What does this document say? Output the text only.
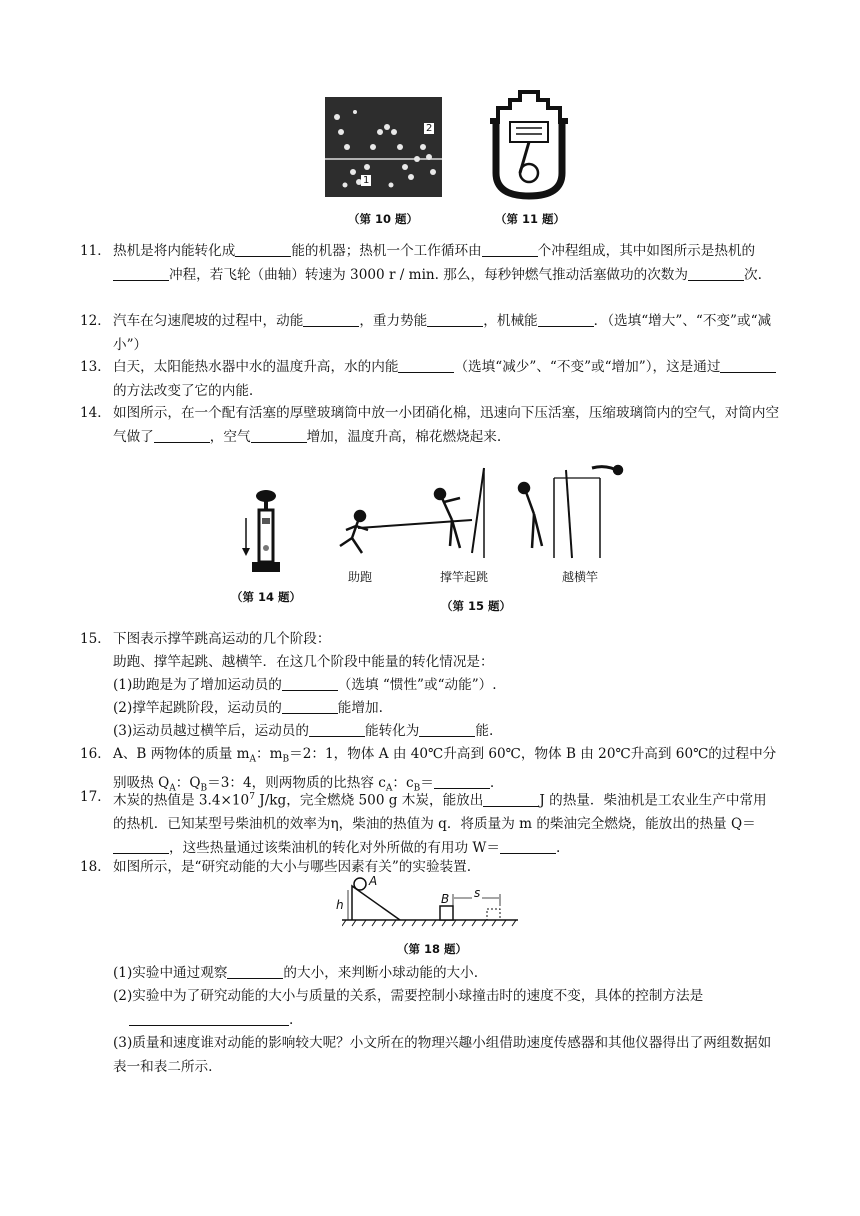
1
2
（第 10 题）	（第 11 题）
11． 热机是将内能转化成	能的机器；热机一个工作循环由	个冲程组成，其中如图所示是热机的冲程，若飞轮（曲轴）转速为 3000 r / min. 那么，每秒钟燃气推动活塞做功的次数为	次.
12． 汽车在匀速爬坡的过程中，动能	，重力势能	，机械能	．（选填“增大”、“不变”或“减小”）
13． 白天，太阳能热水器中水的温度升高，水的内能	（选填“减少”、“不变”或“增加”），这是通过的方法改变了它的内能.
14． 如图所示，在一个配有活塞的厚壁玻璃筒中放一小团硝化棉，迅速向下压活塞，压缩玻璃筒内的空气，对筒内空气做了	，空气	增加，温度升高，棉花燃烧起来.
（第 14 题）
助跑	撑竿起跳	越横竿
（第 15 题）
15． 下图表示撑竿跳高运动的几个阶段：
助跑、撑竿起跳、越横竿．在这几个阶段中能量的转化情况是：
(1)助跑是为了增加运动员的	（选填 “惯性”或“动能”）.
(2)撑竿起跳阶段，运动员的	能增加.
(3)运动员越过横竿后，运动员的	能转化为	能.
16． A、B 两物体的质量 $m_A$：$m_B=2$：1，物体 A 由 40℃升高到 60℃，物体 B 由 20℃升高到 60℃的过程中分别吸热 $Q_A$：$Q_B=3$：4，则两物质的比热容 $c_A$：$c_B=$	.
17． 木炭的热值是 $3.4\times 10^7$ J/kg，完全燃烧 500 g 木炭，能放出	J 的热量．柴油机是工农业生产中常用的热机．已知某型号柴油机的效率为η，柴油的热值为 q．将质量为 m 的柴油完全燃烧，能放出的热量 Q＝，这些热量通过该柴油机的转化对外所做的有用功 W＝	.
18． 如图所示，是“研究动能的大小与哪些因素有关”的实验装置.
A
h	B s
（第 18 题）
(1)实验中通过观察	的大小，来判断小球动能的大小.
(2)实验中为了研究动能的大小与质量的关系，需要控制小球撞击时的速度不变，具体的控制方法是.
(3)质量和速度谁对动能的影响较大呢？小文所在的物理兴趣小组借助速度传感器和其他仪器得出了两组数据如表一和表二所示.
